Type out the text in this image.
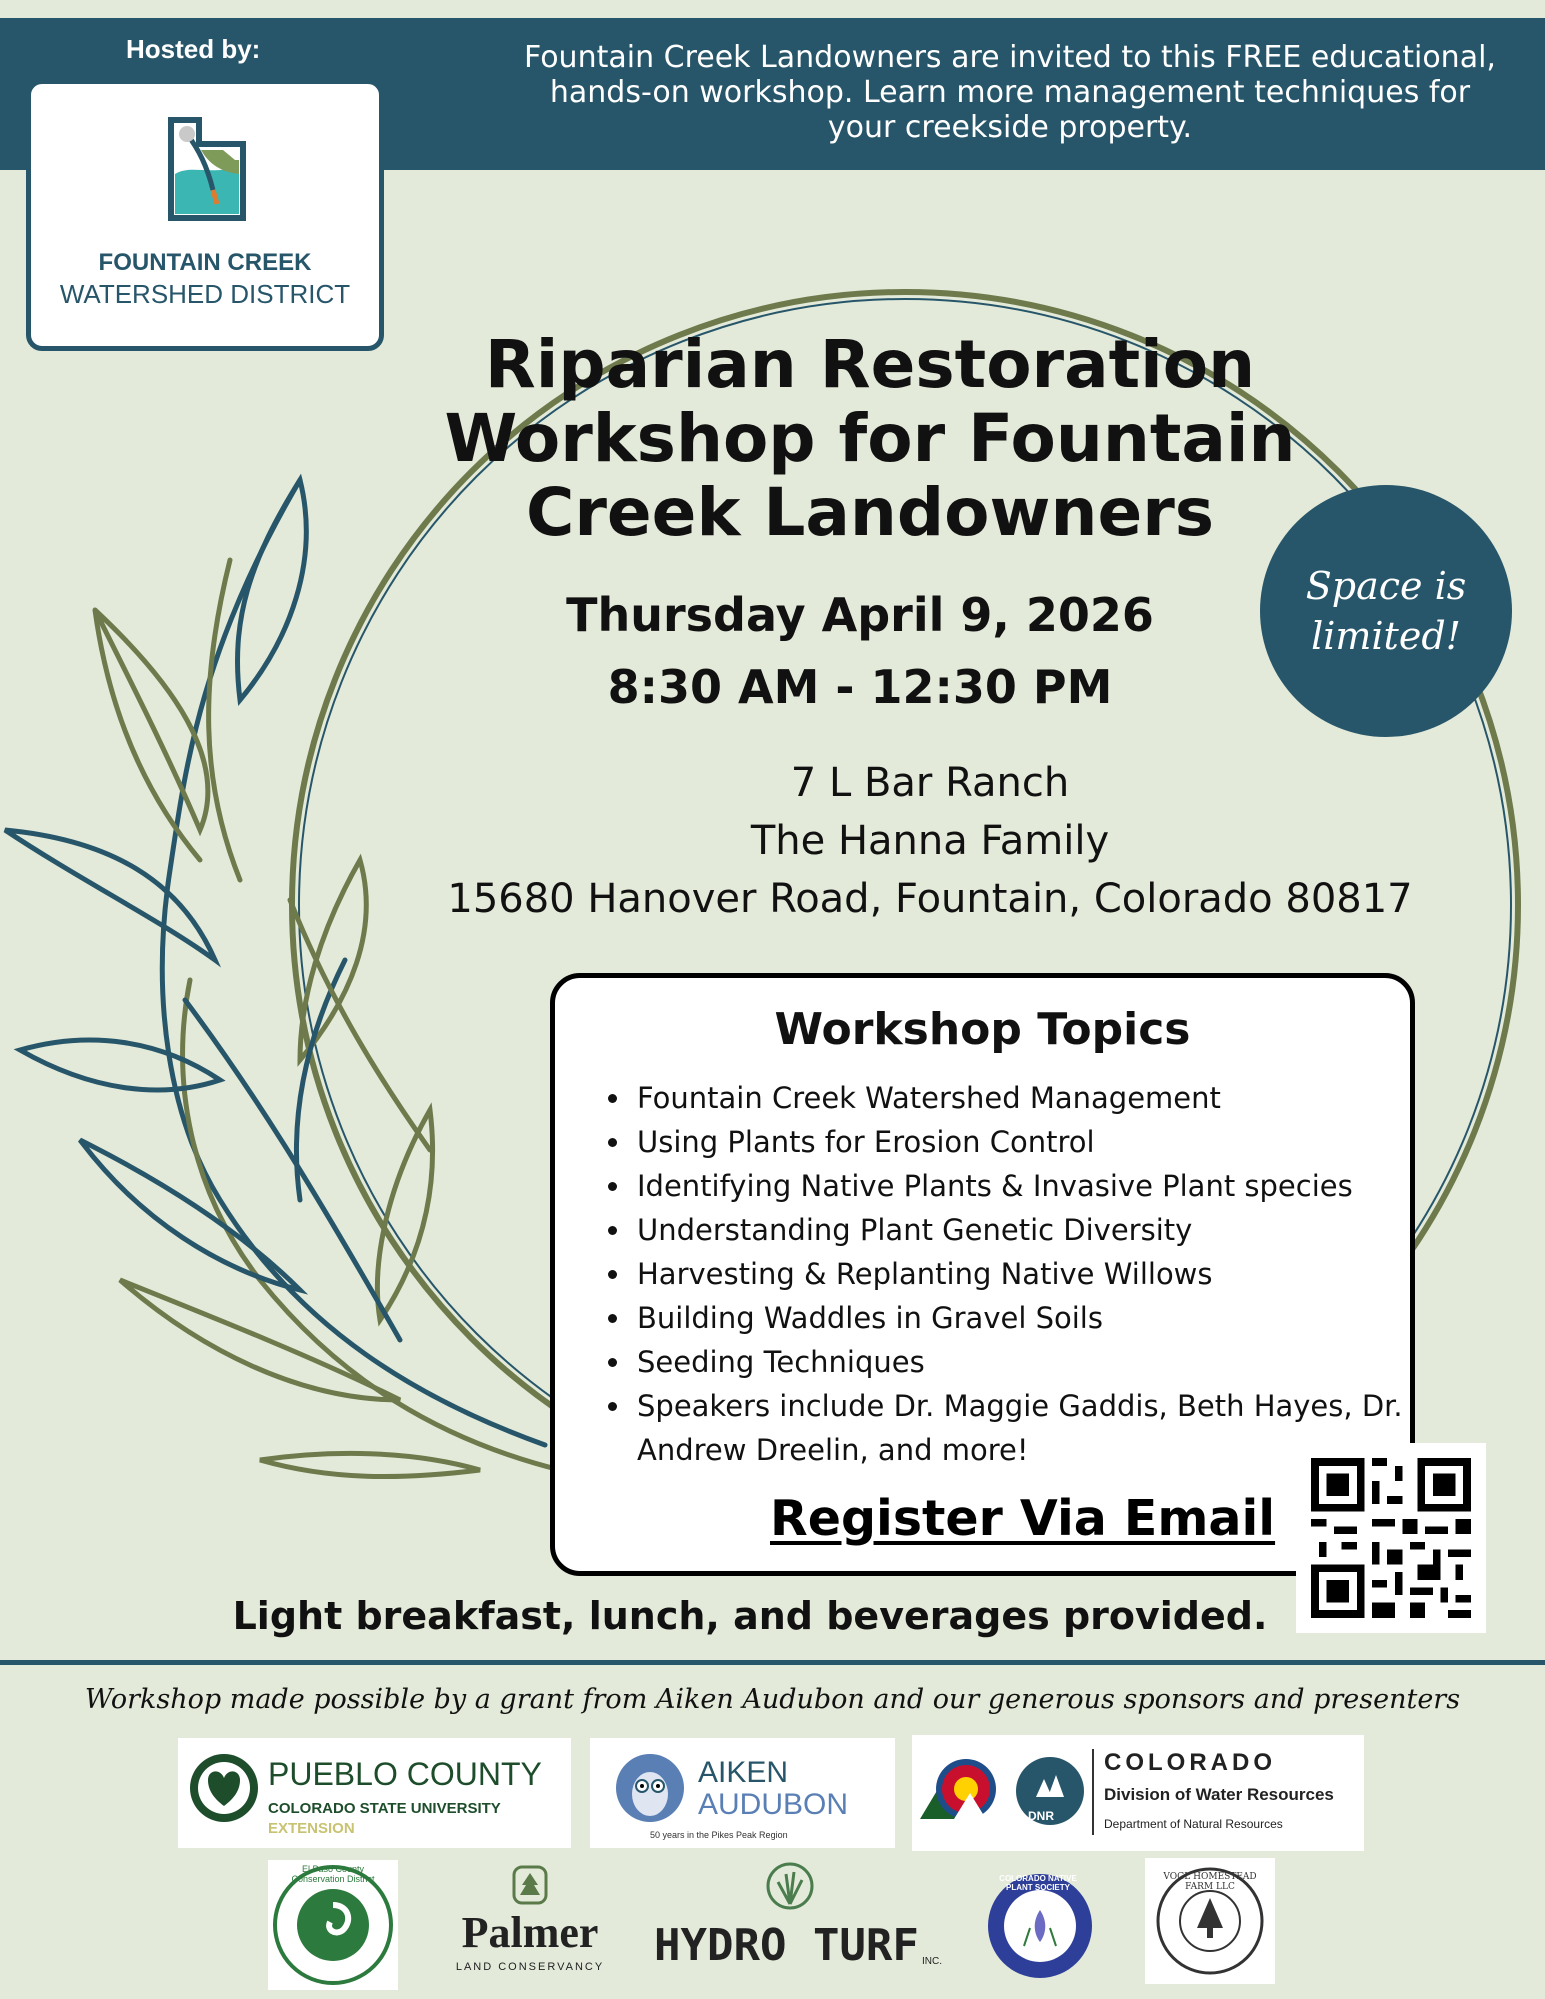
Hosted by:	Fountain Creek Landowners are invited to this FREE educational, hands-on workshop. Learn more management techniques for your creekside property.
FOUNTAIN CREEK
WATERSHED DISTRICT
Riparian Restoration Workshop for Fountain Creek Landowners
Thursday April 9, 2026
8:30 AM - 12:30 PM
7 L Bar Ranch
The Hanna Family
15680 Hanover Road, Fountain, Colorado 80817
Space is limited!
Workshop Topics
• Fountain Creek Watershed Management
• Using Plants for Erosion Control
• Identifying Native Plants & Invasive Plant species
• Understanding Plant Genetic Diversity
• Harvesting & Replanting Native Willows
• Building Waddles in Gravel Soils
• Seeding Techniques
• Speakers include Dr. Maggie Gaddis, Beth Hayes, Dr. Andrew Dreelin, and more!
Register Via Email
Light breakfast, lunch, and beverages provided.
Workshop made possible by a grant from Aiken Audubon and our generous sponsors and presenters
PUEBLO COUNTY
COLORADO STATE UNIVERSITY
EXTENSION
AIKEN
AUDUBON
50 years in the Pikes Peak Region
DNR
COLORADO
Division of Water Resources
Department of Natural Resources
El Paso County Conservation District
Palmer
LAND CONSERVANCY	HYDRO TURF INC.
COLORADO NATIVE PLANT SOCIETY
VOGL HOMESTEAD FARM LLC
